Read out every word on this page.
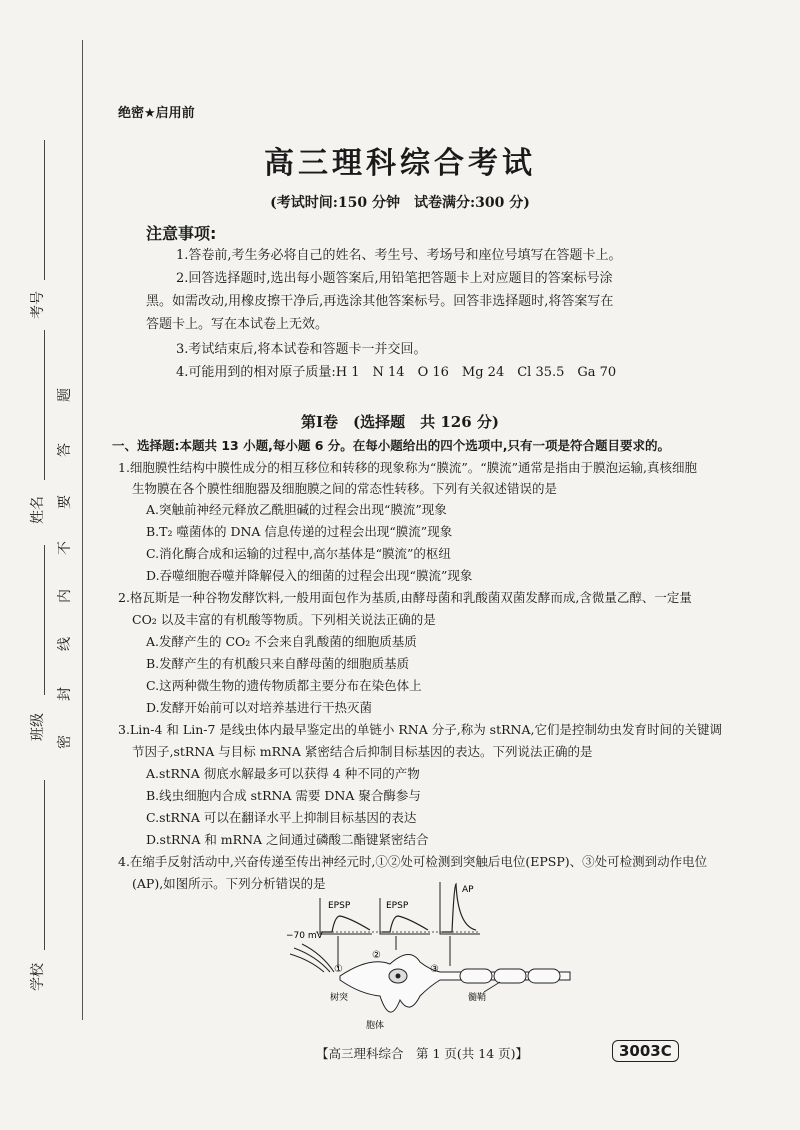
考号
姓名
班级
学校
题
答
要
不
内
线
封
密
绝密★启用前
高三理科综合考试
(考试时间:150 分钟　试卷满分:300 分)
注意事项:
1.答卷前,考生务必将自己的姓名、考生号、考场号和座位号填写在答题卡上。
2.回答选择题时,选出每小题答案后,用铅笔把答题卡上对应题目的答案标号涂
黑。如需改动,用橡皮擦干净后,再选涂其他答案标号。回答非选择题时,将答案写在
答题卡上。写在本试卷上无效。
3.考试结束后,将本试卷和答题卡一并交回。
4.可能用到的相对原子质量:H 1　N 14　O 16　Mg 24　Cl 35.5　Ga 70
第Ⅰ卷　(选择题　共 126 分)
一、选择题:本题共 13 小题,每小题 6 分。在每小题给出的四个选项中,只有一项是符合题目要求的。
1.细胞膜性结构中膜性成分的相互移位和转移的现象称为“膜流”。“膜流”通常是指由于膜泡运输,真核细胞
生物膜在各个膜性细胞器及细胞膜之间的常态性转移。下列有关叙述错误的是
A.突触前神经元释放乙酰胆碱的过程会出现“膜流”现象
B.T₂ 噬菌体的 DNA 信息传递的过程会出现“膜流”现象
C.消化酶合成和运输的过程中,高尔基体是“膜流”的枢纽
D.吞噬细胞吞噬并降解侵入的细菌的过程会出现“膜流”现象
2.格瓦斯是一种谷物发酵饮料,一般用面包作为基质,由酵母菌和乳酸菌双菌发酵而成,含微量乙醇、一定量
CO₂ 以及丰富的有机酸等物质。下列相关说法正确的是
A.发酵产生的 CO₂ 不会来自乳酸菌的细胞质基质
B.发酵产生的有机酸只来自酵母菌的细胞质基质
C.这两种微生物的遗传物质都主要分布在染色体上
D.发酵开始前可以对培养基进行干热灭菌
3.Lin-4 和 Lin-7 是线虫体内最早鉴定出的单链小 RNA 分子,称为 stRNA,它们是控制幼虫发育时间的关键调
节因子,stRNA 与目标 mRNA 紧密结合后抑制目标基因的表达。下列说法正确的是
A.stRNA 彻底水解最多可以获得 4 种不同的产物
B.线虫细胞内合成 stRNA 需要 DNA 聚合酶参与
C.stRNA 可以在翻译水平上抑制目标基因的表达
D.stRNA 和 mRNA 之间通过磷酸二酯键紧密结合
4.在缩手反射活动中,兴奋传递至传出神经元时,①②处可检测到突触后电位(EPSP)、③处可检测到动作电位
(AP),如图所示。下列分析错误的是
EPSP	EPSP
AP
−70 mV
①
②
③
树突
胞体
髓鞘
【高三理科综合　第 1 页(共 14 页)】	3003C
